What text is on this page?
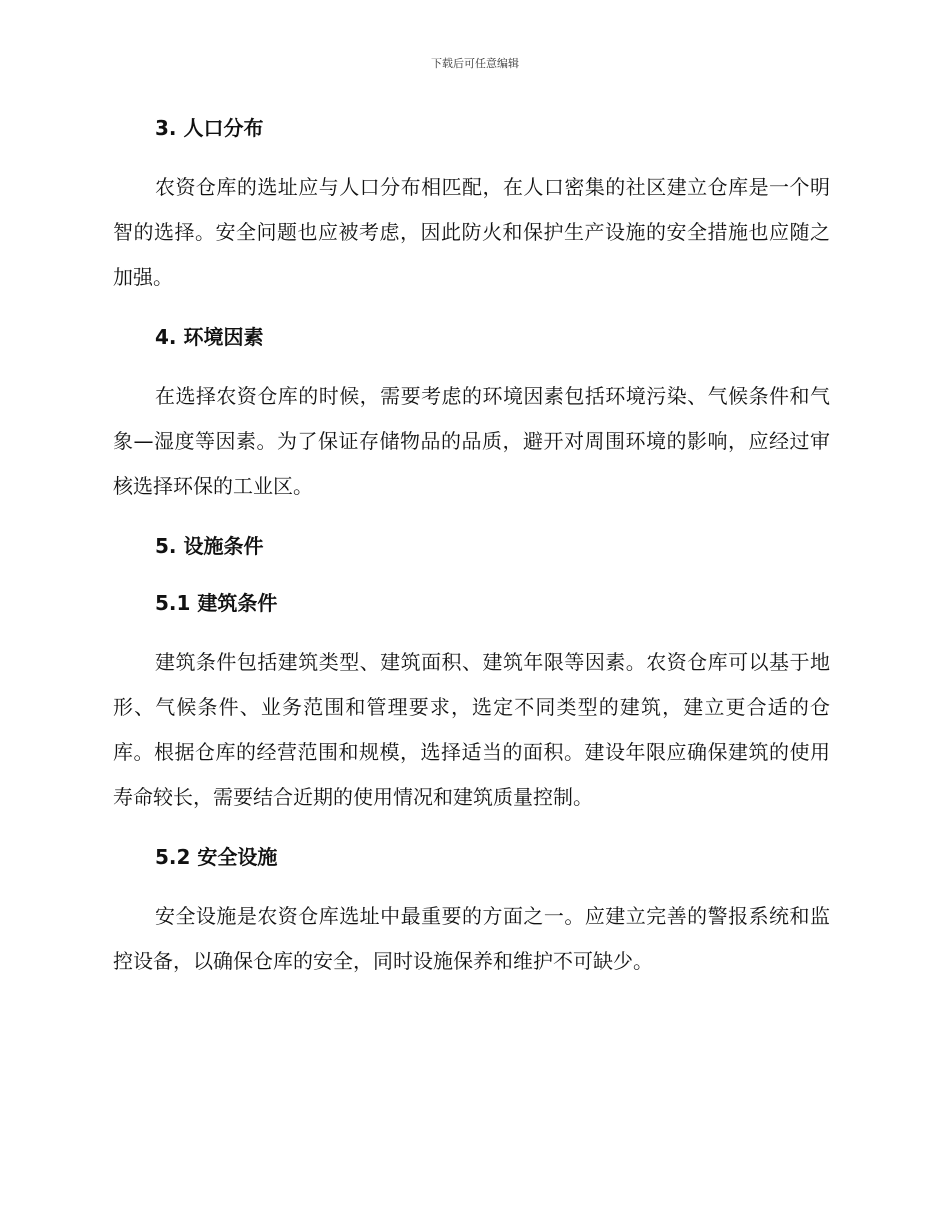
下载后可任意编辑
3. 人口分布

农资仓库的选址应与人口分布相匹配，在人口密集的社区建立仓库是一个明智的选择。安全问题也应被考虑，因此防火和保护生产设施的安全措施也应随之加强。

4. 环境因素

在选择农资仓库的时候，需要考虑的环境因素包括环境污染、气候条件和气象—湿度等因素。为了保证存储物品的品质，避开对周围环境的影响，应经过审核选择环保的工业区。

5. 设施条件
5.1 建筑条件

建筑条件包括建筑类型、建筑面积、建筑年限等因素。农资仓库可以基于地形、气候条件、业务范围和管理要求，选定不同类型的建筑，建立更合适的仓库。根据仓库的经营范围和规模，选择适当的面积。建设年限应确保建筑的使用寿命较长，需要结合近期的使用情况和建筑质量控制。

5.2 安全设施

安全设施是农资仓库选址中最重要的方面之一。应建立完善的警报系统和监控设备，以确保仓库的安全，同时设施保养和维护不可缺少。
